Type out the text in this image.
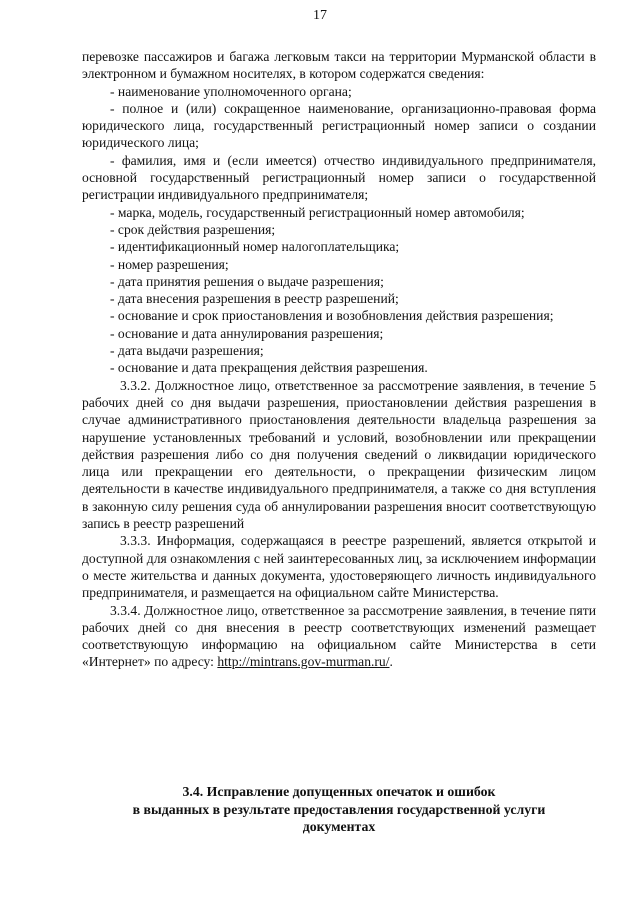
17

перевозке пассажиров и багажа легковым такси на территории Мурманской области в электронном и бумажном носителях, в котором содержатся сведения:

- наименование уполномоченного органа;

- полное и (или) сокращенное наименование, организационно-правовая форма юридического лица, государственный регистрационный номер записи о создании юридического лица;

- фамилия, имя и (если имеется) отчество индивидуального предпринимателя, основной государственный регистрационный номер записи о государственной регистрации индивидуального предпринимателя;

- марка, модель, государственный регистрационный номер автомобиля;

- срок действия разрешения;

- идентификационный номер налогоплательщика;

- номер разрешения;

- дата принятия решения о выдаче разрешения;

- дата внесения разрешения в реестр разрешений;

- основание и срок приостановления и возобновления действия разрешения;

- основание и дата аннулирования разрешения;

- дата выдачи разрешения;

- основание и дата прекращения действия разрешения.

3.3.2. Должностное лицо, ответственное за рассмотрение заявления, в течение 5 рабочих дней со дня выдачи разрешения, приостановлении действия разрешения в случае административного приостановления деятельности владельца разрешения за нарушение установленных требований и условий, возобновлении или прекращении действия разрешения либо со дня получения сведений о ликвидации юридического лица или прекращении его деятельности, о прекращении физическим лицом деятельности в качестве индивидуального предпринимателя, а также со дня вступления в законную силу решения суда об аннулировании разрешения вносит соответствующую запись в реестр разрешений

3.3.3. Информация, содержащаяся в реестре разрешений, является открытой и доступной для ознакомления с ней заинтересованных лиц, за исключением информации о месте жительства и данных документа, удостоверяющего личность индивидуального предпринимателя, и размещается на официальном сайте Министерства.

3.3.4. Должностное лицо, ответственное за рассмотрение заявления, в течение пяти рабочих дней со дня внесения в реестр соответствующих изменений размещает соответствующую информацию на официальном сайте Министерства в сети «Интернет» по адресу: http://mintrans.gov-murman.ru/.

3.4. Исправление допущенных опечаток и ошибок
в выданных в результате предоставления государственной услуги
документах
